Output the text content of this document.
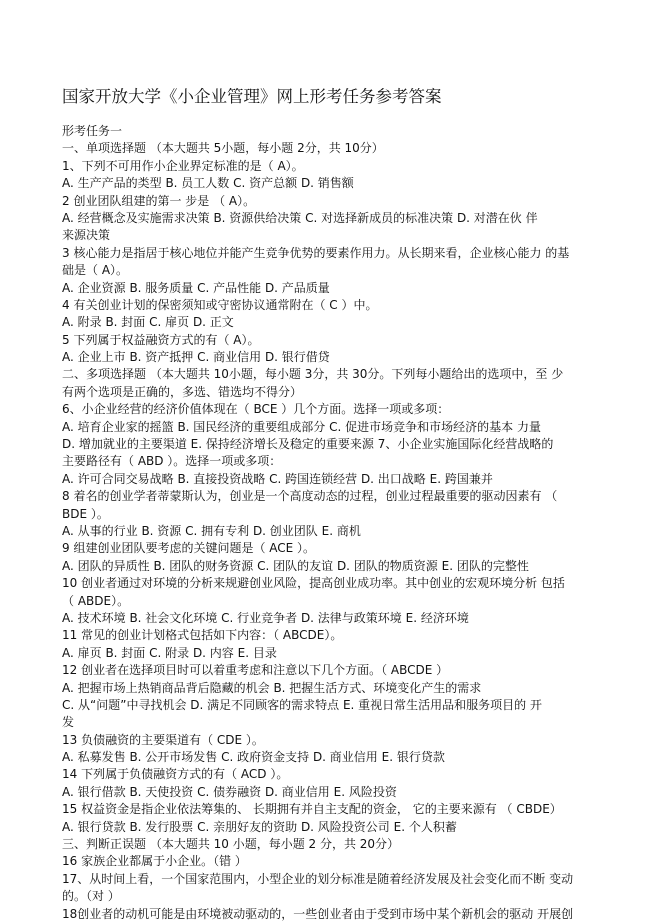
国家开放大学《小企业管理》网上形考任务参考答案
形考任务一
一、单项选择题 （本大题共 5小题，每小题 2分，共 10分）
1、下列不可用作小企业界定标准的是（ A）。
A. 生产产品的类型 B. 员工人数 C. 资产总额 D. 销售额
2 创业团队组建的第一 步是 （ A）。
A. 经营概念及实施需求决策 B. 资源供给决策 C. 对选择新成员的标准决策 D. 对潜在伙 伴
来源决策
3 核心能力是指居于核心地位并能产生竞争优势的要素作用力。从长期来看，企业核心能力 的基
础是（ A）。
A. 企业资源 B. 服务质量 C. 产品性能 D. 产品质量
4 有关创业计划的保密须知或守密协议通常附在（ C ）中。
A. 附录 B. 封面 C. 扉页 D. 正文
5 下列属于权益融资方式的有（ A）。
A. 企业上市 B. 资产抵押 C. 商业信用 D. 银行借贷
二、多项选择题 （本大题共 10小题，每小题 3分，共 30分。下列每小题给出的选项中，至 少
有两个选项是正确的，多选、错选均不得分）
6、小企业经营的经济价值体现在（ BCE ）几个方面。选择一项或多项：
A. 培育企业家的摇篮 B. 国民经济的重要组成部分 C. 促进市场竞争和市场经济的基本 力量
D. 增加就业的主要渠道 E. 保持经济增长及稳定的重要来源 7、小企业实施国际化经营战略的
主要路径有（ ABD ）。选择一项或多项：
A. 许可合同交易战略 B. 直接投资战略 C. 跨国连锁经营 D. 出口战略 E. 跨国兼并
8 着名的创业学者蒂蒙斯认为，创业是一个高度动态的过程，创业过程最重要的驱动因素有 （
BDE ）。
A. 从事的行业 B. 资源 C. 拥有专利 D. 创业团队 E. 商机
9 组建创业团队要考虑的关键问题是（ ACE ）。
A. 团队的异质性 B. 团队的财务资源 C. 团队的友谊 D. 团队的物质资源 E. 团队的完整性
10 创业者通过对环境的分析来规避创业风险，提高创业成功率。其中创业的宏观环境分析 包括
（ ABDE）。
A. 技术环境 B. 社会文化环境 C. 行业竞争者 D. 法律与政策环境 E. 经济环境
11 常见的创业计划格式包括如下内容：（ ABCDE）。
A. 扉页 B. 封面 C. 附录 D. 内容 E. 目录
12 创业者在选择项目时可以着重考虑和注意以下几个方面。（ ABCDE ）
A. 把握市场上热销商品背后隐藏的机会 B. 把握生活方式、环境变化产生的需求
C. 从“问题”中寻找机会 D. 满足不同顾客的需求特点 E. 重视日常生活用品和服务项目的 开
发
13 负债融资的主要渠道有（ CDE ）。
A. 私募发售 B. 公开市场发售 C. 政府资金支持 D. 商业信用 E. 银行贷款
14 下列属于负债融资方式的有（ ACD ）。
A. 银行借款 B. 天使投资 C. 债券融资 D. 商业信用 E. 风险投资
15 权益资金是指企业依法筹集的、 长期拥有并自主支配的资金， 它的主要来源有 （ CBDE）
A. 银行贷款 B. 发行股票 C. 亲朋好友的资助 D. 风险投资公司 E. 个人积蓄
三、判断正误题 （本大题共 10 小题，每小题 2 分，共 20分）
16 家族企业都属于小企业。（错 ）
17、从时间上看，一个国家范围内，小型企业的划分标准是随着经济发展及社会变化而不断 变动
的。（对 ）
18创业者的动机可能是由环境被动驱动的，一些创业者由于受到市场中某个新机会的驱动 开展创
